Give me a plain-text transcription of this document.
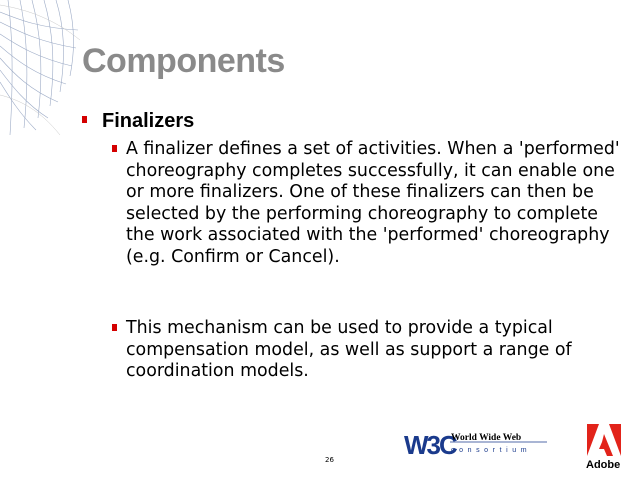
Components
Finalizers
A finalizer defines a set of activities. When a 'performed' choreography completes successfully, it can enable one or more finalizers. One of these finalizers can then be selected by the performing choreography to complete the work associated with the 'performed' choreography (e.g. Confirm or Cancel).
This mechanism can be used to provide a typical compensation model, as well as support a range of coordination models.
26	W3C
World Wide Web
consortium
Adobe
